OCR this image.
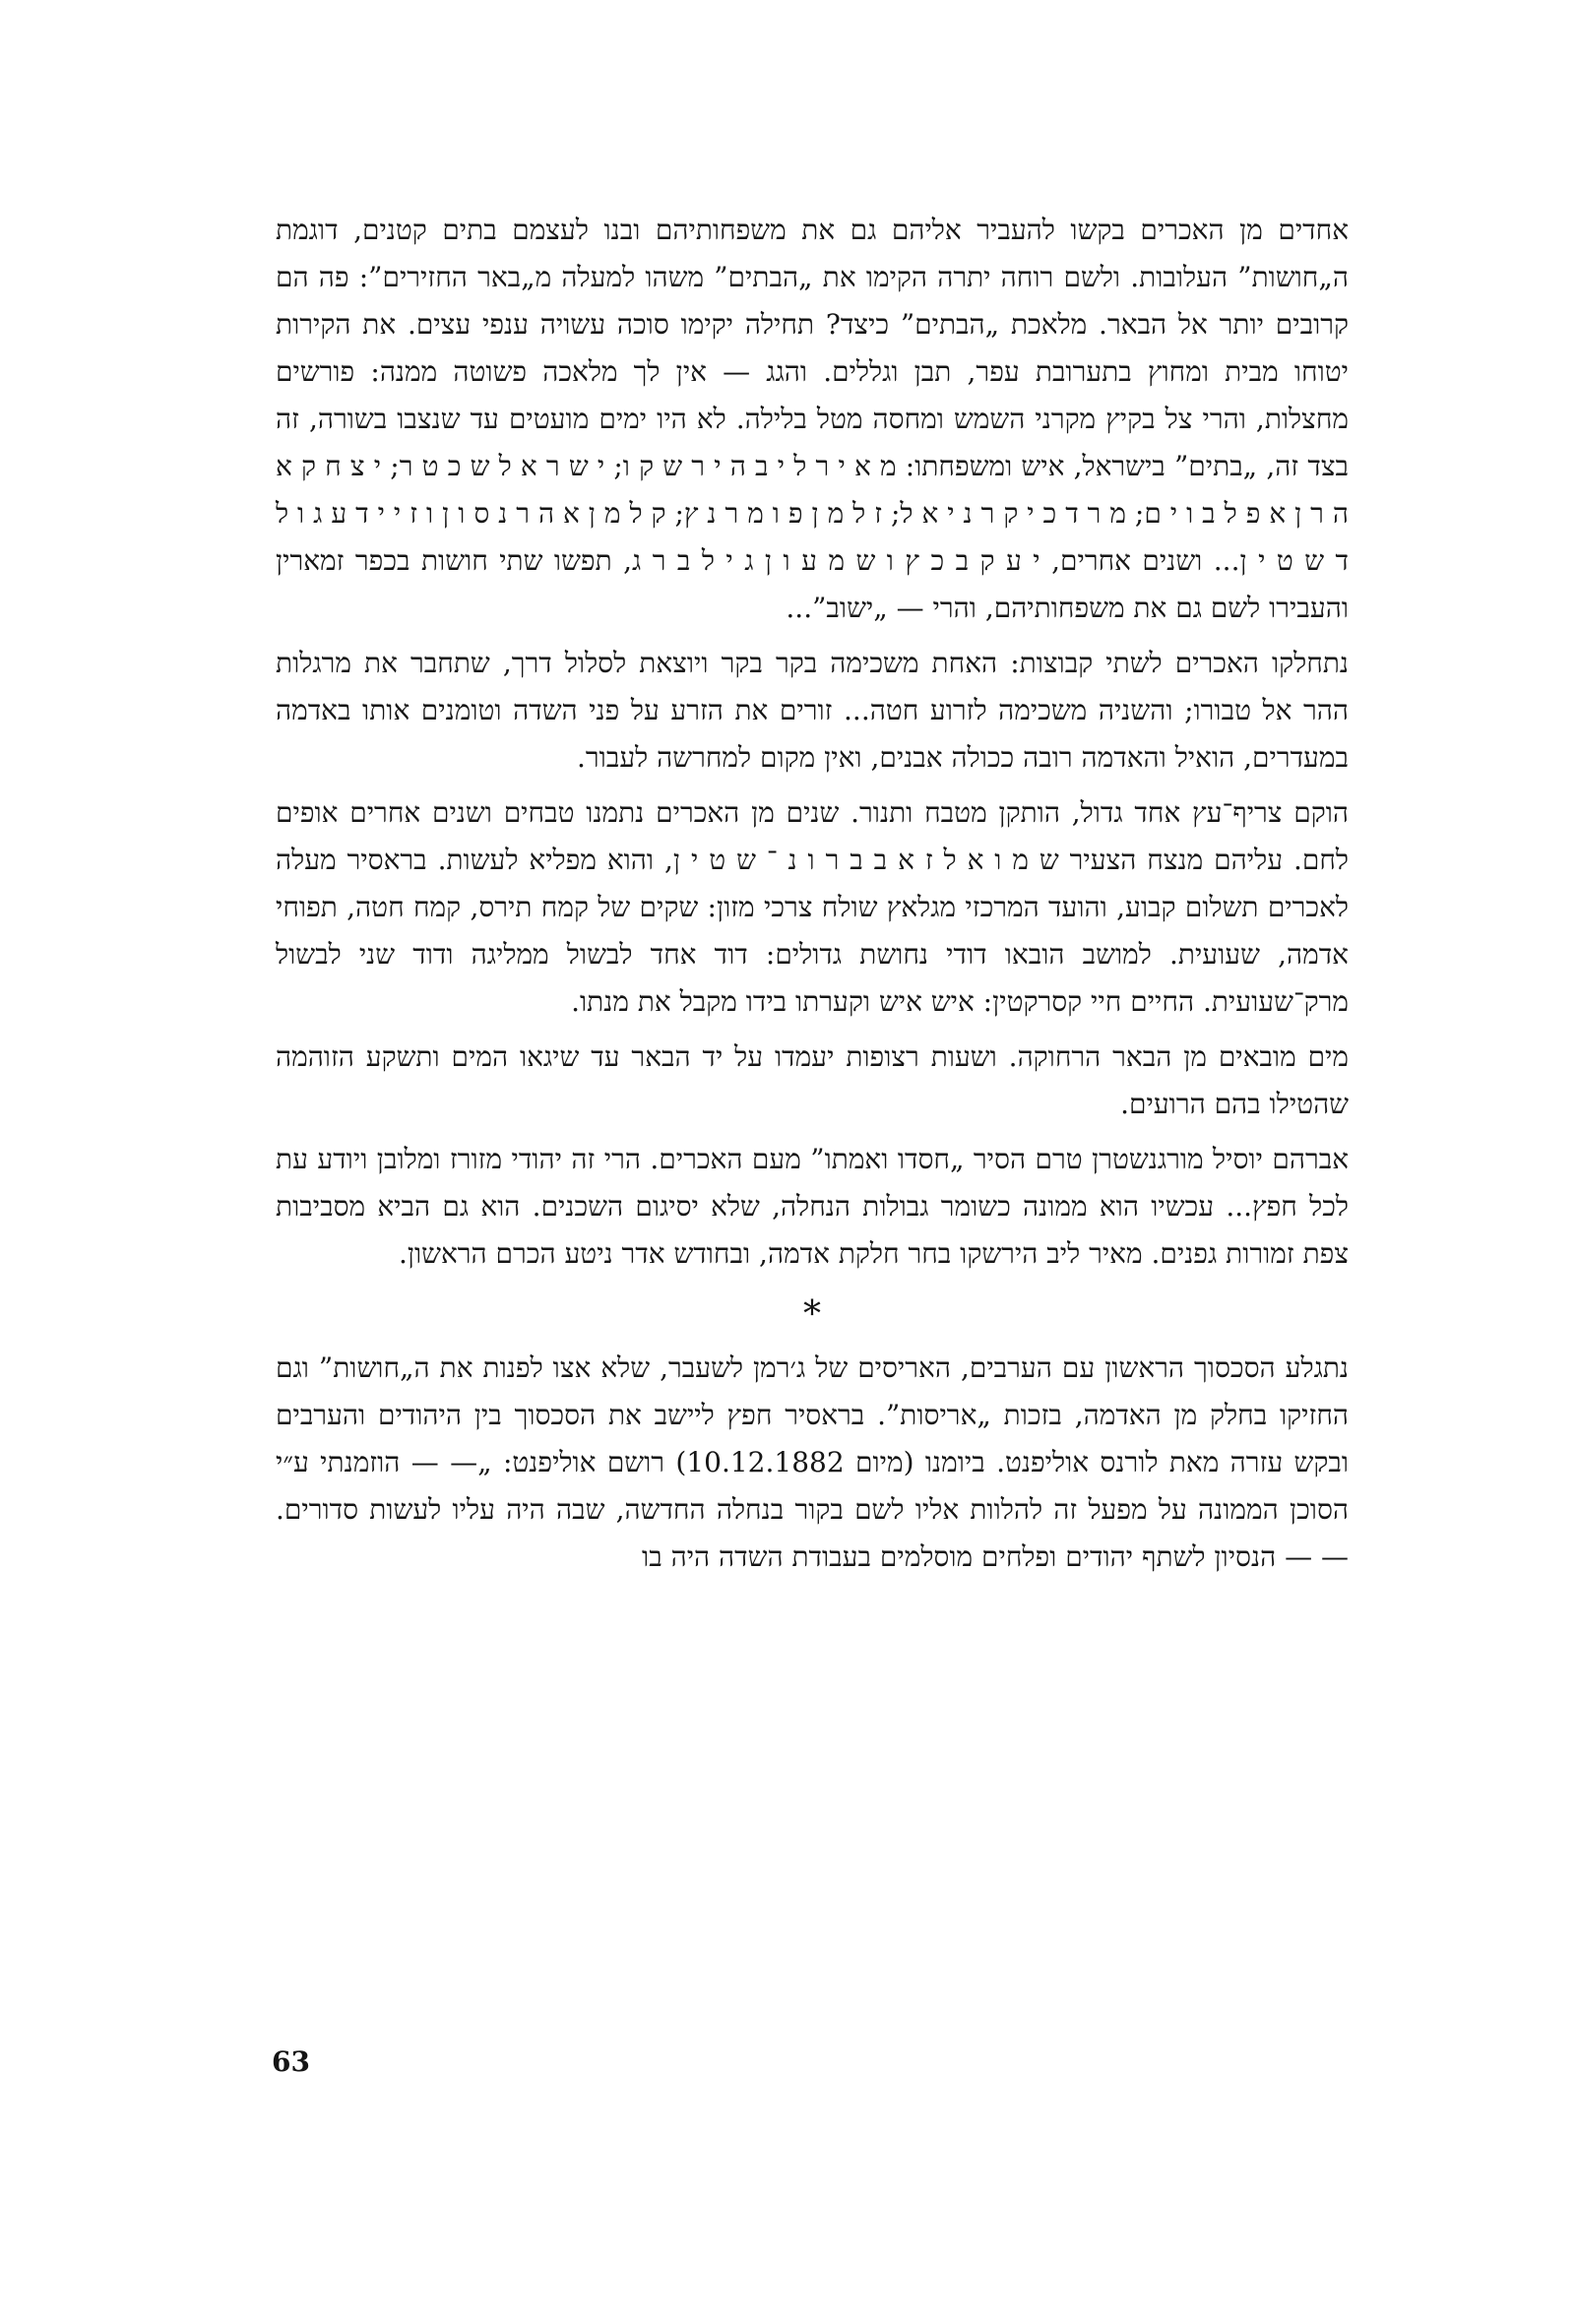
אחדים מן האכרים בקשו להעביר אליהם גם את משפחותיהם ובנו לעצמם בתים קטנים, דוגמת ה„חושות” העלובות. ולשם רוחה יתרה הקימו את „הבתים” משהו למעלה מ„באר החזירים”: פה הם קרובים יותר אל הבאר. מלאכת „הבתים” כיצד? תחילה יקימו סוכה עשויה ענפי עצים. את הקירות יטוחו מבית ומחוץ בתערובת עפר, תבן וגללים. והגג — אין לך מלאכה פשוטה ממנה: פורשים מחצלות, והרי צל בקיץ מקרני השמש ומחסה מטל בלילה. לא היו ימים מועטים עד שנצבו בשורה, זה בצד זה, „בתים” בישראל, איש ומשפחתו: מ א י ר ל י ב ה י ר ש ק ו; י ש ר א ל ש כ ט ר; י צ ח ק א ה ר ן א פ ל ב ו י ם; מ ר ד כ י ק ר נ י א ל; ז ל מ ן פ ו מ ר נ ץ; ק ל מ ן א ה ר נ ס ו ן ו ז י י ד ע ג ו ל ד ש ט י ן... ושנים אחרים, י ע ק ב כ ץ ו ש מ ע ו ן ג י ל ב ר ג, תפשו שתי חושות בכפר זמארין והעבירו לשם גם את משפחותיהם, והרי — „ישוב”...

נתחלקו האכרים לשתי קבוצות: האחת משכימה בקר בקר ויוצאת לסלול דרך, שתחבר את מרגלות ההר אל טבורו; והשניה משכימה לזרוע חטה... זורים את הזרע על פני השדה וטומנים אותו באדמה במעדרים, הואיל והאדמה רובה ככולה אבנים, ואין מקום למחרשה לעבור.

הוקם צריף־עץ אחד גדול, הותקן מטבח ותנור. שנים מן האכרים נתמנו טבחים ושנים אחרים אופים לחם. עליהם מנצח הצעיר ש מ ו א ל ז א ב ב ר ו נ ־ ש ט י ן, והוא מפליא לעשות. בראסיר מעלה לאכרים תשלום קבוע, והועד המרכזי מגלאץ שולח צרכי מזון: שקים של קמח תירס, קמח חטה, תפוחי אדמה, שעועית. למושב הובאו דודי נחושת גדולים: דוד אחד לבשול ממליגה ודוד שני לבשול מרק־שעועית. החיים חיי קסרקטין: איש איש וקערתו בידו מקבל את מנתו.

מים מובאים מן הבאר הרחוקה. ושעות רצופות יעמדו על יד הבאר עד שיגאו המים ותשקע הזוהמה שהטילו בהם הרועים.

אברהם יוסיל מורגנשטרן טרם הסיר „חסדו ואמתו” מעם האכרים. הרי זה יהודי מזורז ומלובן ויודע עת לכל חפץ... עכשיו הוא ממונה כשומר גבולות הנחלה, שלא יסיגום השכנים. הוא גם הביא מסביבות צפת זמורות גפנים. מאיר ליב הירשקו בחר חלקת אדמה, ובחודש אדר ניטע הכרם הראשון.

*

נתגלע הסכסוך הראשון עם הערבים, האריסים של ג׳רמן לשעבר, שלא אצו לפנות את ה„חושות” וגם החזיקו בחלק מן האדמה, בזכות „אריסות”. בראסיר חפץ ליישב את הסכסוך בין היהודים והערבים ובקש עזרה מאת לורנס אוליפנט. ביומנו (מיום 10.12.1882) רושם אוליפנט: „— — הוזמנתי ע״י הסוכן הממונה על מפעל זה להלוות אליו לשם בקור בנחלה החדשה, שבה היה עליו לעשות סדורים. — — הנסיון לשתף יהודים ופלחים מוסלמים בעבודת השדה היה בו

63
